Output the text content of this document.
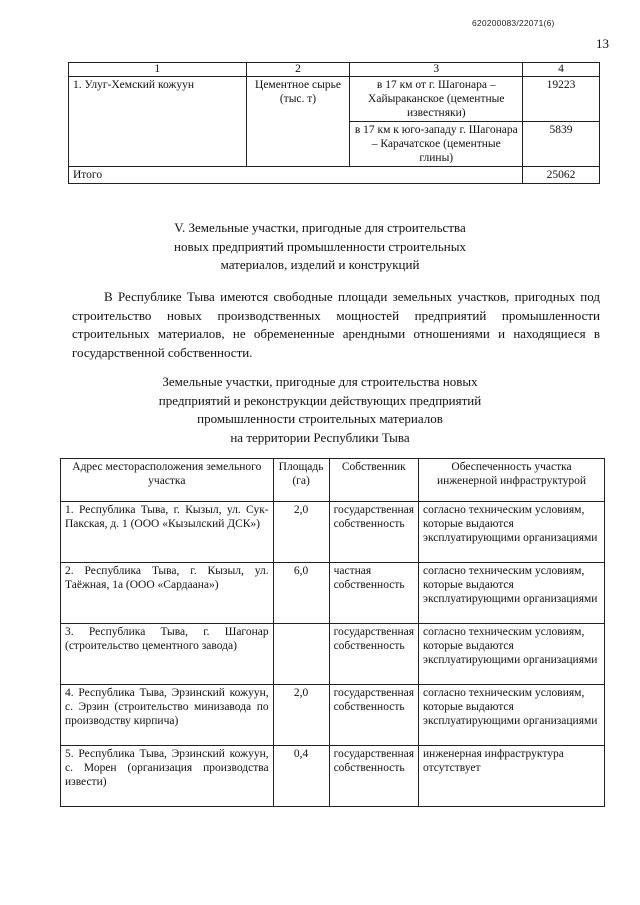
620200083/22071(6)
13
1	2	3	4
1. Улуг-Хемский кожуун	Цементное сырье (тыс. т)	в 17 км от г. Шагонара – Хайыраканское (цементные известняки)	19223
		в 17 км к юго-западу г. Шагонара – Карачатское (цементные глины)	5839
Итого			25062
V. Земельные участки, пригодные для строительства
новых предприятий промышленности строительных
материалов, изделий и конструкций

В Республике Тыва имеются свободные площади земельных участков, пригодных под строительство новых производственных мощностей предприятий промышленности строительных материалов, не обремененные арендными отношениями и находящиеся в государственной собственности.

Земельные участки, пригодные для строительства новых
предприятий и реконструкции действующих предприятий
промышленности строительных материалов
на территории Республики Тыва
Адрес месторасположения земельного участка	Площадь (га)	Собственник	Обеспеченность участка инженерной инфраструктурой
1. Республика Тыва, г. Кызыл, ул. Сук-Пакская, д. 1 (ООО «Кызылский ДСК»)	2,0	государственная собственность	согласно техническим условиям, которые выдаются эксплуатирующими организациями
2. Республика Тыва, г. Кызыл, ул. Таёжная, 1а (ООО «Сардаана»)	6,0	частная собственность	согласно техническим условиям, которые выдаются эксплуатирующими организациями
3. Республика Тыва, г. Шагонар (строительство цементного завода)		государственная собственность	согласно техническим условиям, которые выдаются эксплуатирующими организациями
4. Республика Тыва, Эрзинский кожуун, с. Эрзин (строительство минизавода по производству кирпича)	2,0	государственная собственность	согласно техническим условиям, которые выдаются эксплуатирующими организациями
5. Республика Тыва, Эрзинский кожуун, с. Морен (организация производства извести)	0,4	государственная собственность	инженерная инфраструктура отсутствует
